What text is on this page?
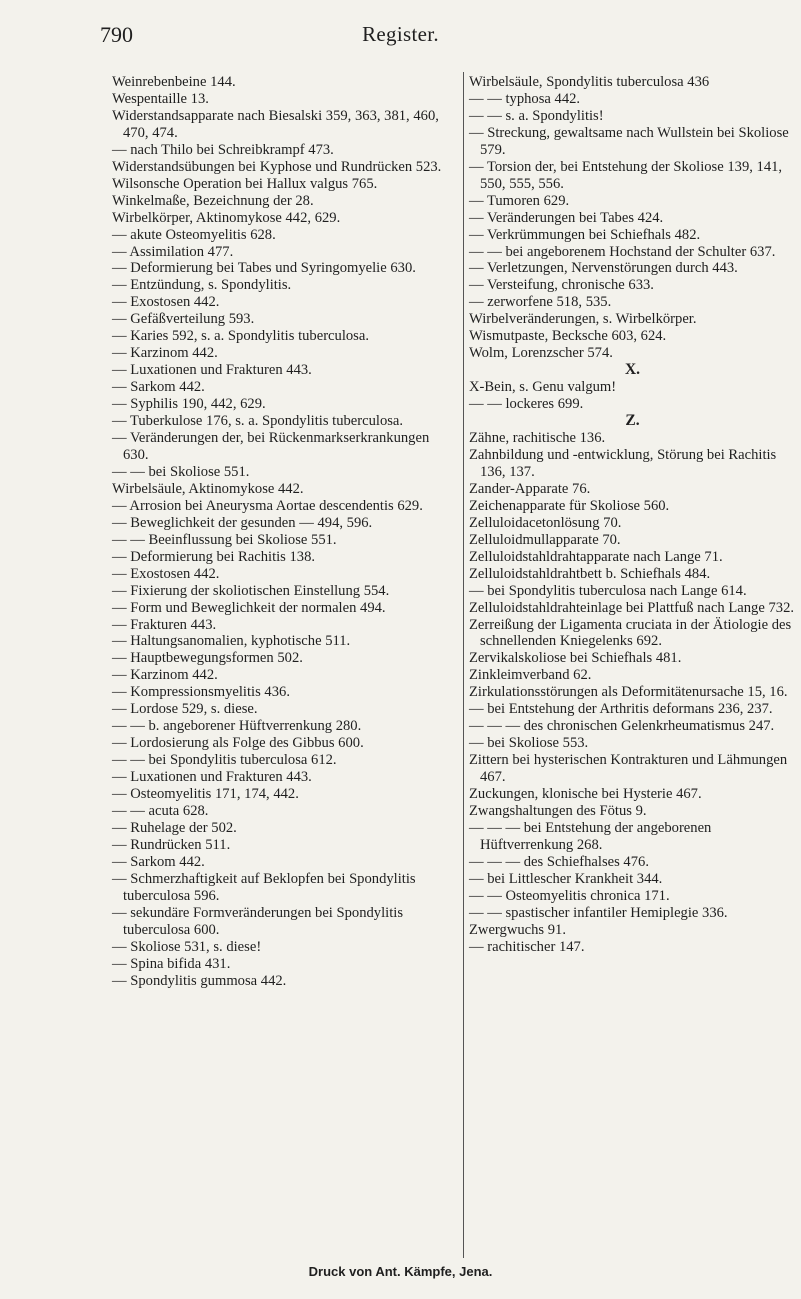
790	Register.
Weinrebenbeine 144.
Wespentaille 13.
Widerstandsapparate nach Biesalski 359, 363, 381, 460, 470, 474.
— nach Thilo bei Schreibkrampf 473.
Widerstandsübungen bei Kyphose und Rundrücken 523.
Wilsonsche Operation bei Hallux valgus 765.
Winkelmaße, Bezeichnung der 28.
Wirbelkörper, Aktinomykose 442, 629.
— akute Osteomyelitis 628.
— Assimilation 477.
— Deformierung bei Tabes und Syringomyelie 630.
— Entzündung, s. Spondylitis.
— Exostosen 442.
— Gefäßverteilung 593.
— Karies 592, s. a. Spondylitis tuberculosa.
— Karzinom 442.
— Luxationen und Frakturen 443.
— Sarkom 442.
— Syphilis 190, 442, 629.
— Tuberkulose 176, s. a. Spondylitis tuberculosa.
— Veränderungen der, bei Rückenmarkserkrankungen 630.
— — bei Skoliose 551.
Wirbelsäule, Aktinomykose 442.
— Arrosion bei Aneurysma Aortae descendentis 629.
— Beweglichkeit der gesunden — 494, 596.
— — Beeinflussung bei Skoliose 551.
— Deformierung bei Rachitis 138.
— Exostosen 442.
— Fixierung der skoliotischen Einstellung 554.
— Form und Beweglichkeit der normalen 494.
— Frakturen 443.
— Haltungsanomalien, kyphotische 511.
— Hauptbewegungsformen 502.
— Karzinom 442.
— Kompressionsmyelitis 436.
— Lordose 529, s. diese.
— — b. angeborener Hüftverrenkung 280.
— Lordosierung als Folge des Gibbus 600.
— — bei Spondylitis tuberculosa 612.
— Luxationen und Frakturen 443.
— Osteomyelitis 171, 174, 442.
— — acuta 628.
— Ruhelage der 502.
— Rundrücken 511.
— Sarkom 442.
— Schmerzhaftigkeit auf Beklopfen bei Spondylitis tuberculosa 596.
— sekundäre Formveränderungen bei Spondylitis tuberculosa 600.
— Skoliose 531, s. diese!
— Spina bifida 431.
— Spondylitis gummosa 442.
Wirbelsäule, Spondylitis tuberculosa 436
— — typhosa 442.
— — s. a. Spondylitis!
— Streckung, gewaltsame nach Wullstein bei Skoliose 579.
— Torsion der, bei Entstehung der Skoliose 139, 141, 550, 555, 556.
— Tumoren 629.
— Veränderungen bei Tabes 424.
— Verkrümmungen bei Schiefhals 482.
— — bei angeborenem Hochstand der Schulter 637.
— Verletzungen, Nervenstörungen durch 443.
— Versteifung, chronische 633.
— zerworfene 518, 535.
Wirbelveränderungen, s. Wirbelkörper.
Wismutpaste, Becksche 603, 624.
Wolm, Lorenzscher 574.
X.
X-Bein, s. Genu valgum!
— — lockeres 699.
Z.
Zähne, rachitische 136.
Zahnbildung und -entwicklung, Störung bei Rachitis 136, 137.
Zander-Apparate 76.
Zeichenapparate für Skoliose 560.
Zelluloidacetonlösung 70.
Zelluloidmullapparate 70.
Zelluloidstahldrahtapparate nach Lange 71.
Zelluloidstahldrahtbett b. Schiefhals 484.
— bei Spondylitis tuberculosa nach Lange 614.
Zelluloidstahldrahteinlage bei Plattfuß nach Lange 732.
Zerreißung der Ligamenta cruciata in der Ätiologie des schnellenden Kniegelenks 692.
Zervikalskoliose bei Schiefhals 481.
Zinkleimverband 62.
Zirkulationsstörungen als Deformitätenursache 15, 16.
— bei Entstehung der Arthritis deformans 236, 237.
— — — des chronischen Gelenkrheumatismus 247.
— bei Skoliose 553.
Zittern bei hysterischen Kontrakturen und Lähmungen 467.
Zuckungen, klonische bei Hysterie 467.
Zwangshaltungen des Fötus 9.
— — — bei Entstehung der angeborenen Hüftverrenkung 268.
— — — des Schiefhalses 476.
— bei Littlescher Krankheit 344.
— — Osteomyelitis chronica 171.
— — spastischer infantiler Hemiplegie 336.
Zwergwuchs 91.
— rachitischer 147.
Druck von Ant. Kämpfe, Jena.
